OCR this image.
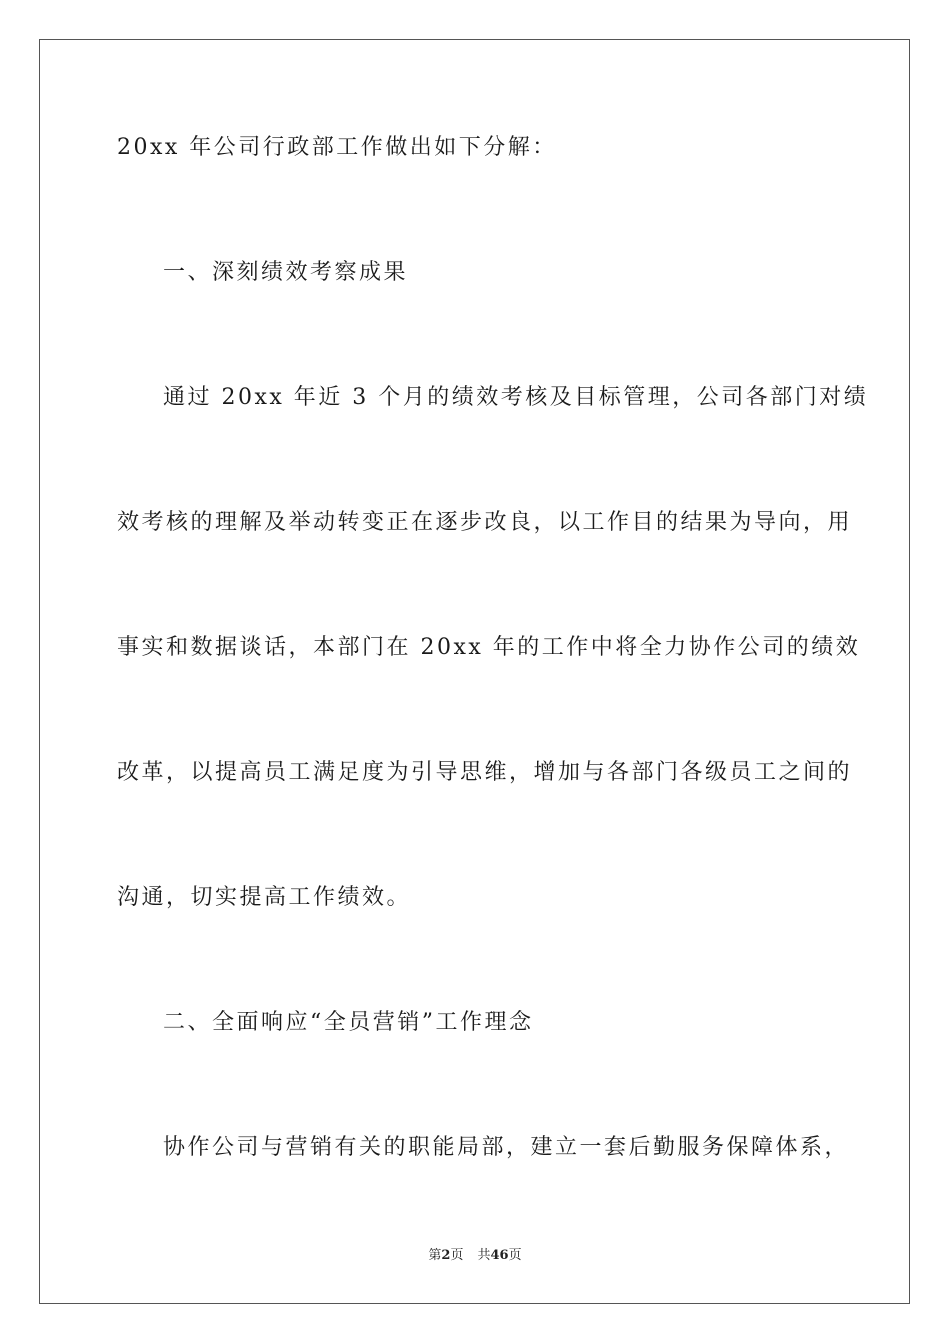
20xx 年公司行政部工作做出如下分解：
一、深刻绩效考察成果
通过 20xx 年近 3 个月的绩效考核及目标管理，公司各部门对绩
效考核的理解及举动转变正在逐步改良，以工作目的结果为导向，用
事实和数据谈话，本部门在 20xx 年的工作中将全力协作公司的绩效
改革，以提高员工满足度为引导思维，增加与各部门各级员工之间的
沟通，切实提高工作绩效。
二、全面响应“全员营销”工作理念
协作公司与营销有关的职能局部，建立一套后勤服务保障体系，
第2页 共46页
